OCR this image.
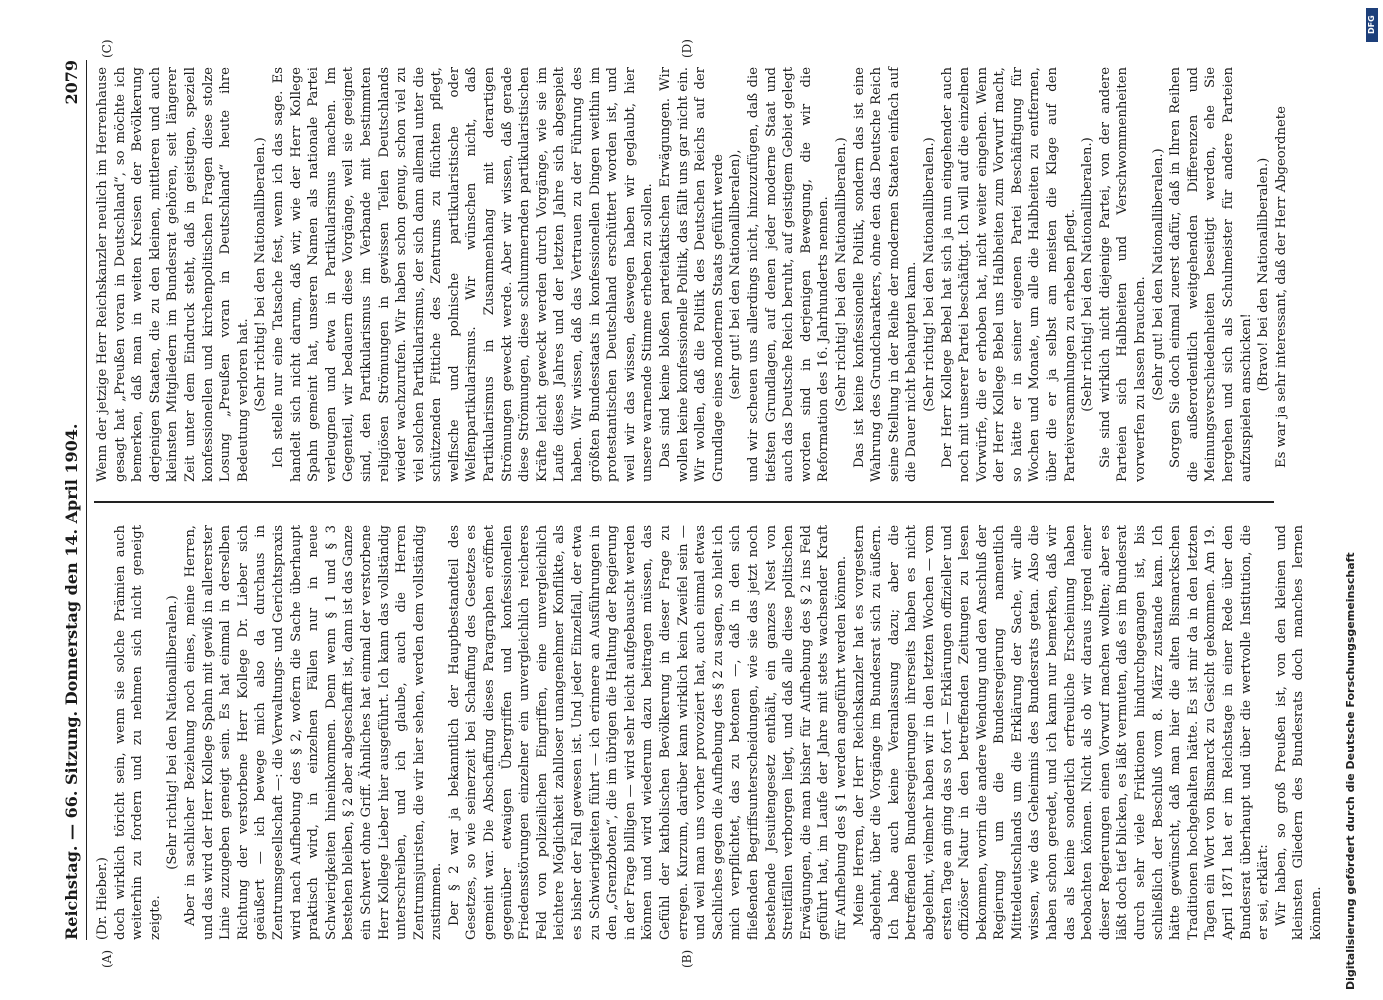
Reichstag. — 66. Sitzung. Donnerstag den 14. April 1904.
2079

(Dr. Hieber.) doch wirklich töricht sein, wenn sie solche Prämien auch weiterhin zu fordern und zu nehmen sich nicht geneigt zeigte.

(Sehr richtig! bei den Nationalliberalen.) Aber in sachlicher Beziehung noch eines, meine Herren, und das wird der Herr Kollege Spahn mit gewiß in allererster Linie zuzugeben geneigt sein. Es hat einmal in derselben Richtung der verstorbene Herr Kollege Dr. Lieber sich geäußert — ich bewege mich also da durchaus in Zentrumsgesellschaft —: die Verwaltungs- und Gerichtspraxis wird nach Aufhebung des § 2, wofern die Sache überhaupt praktisch wird, in einzelnen Fällen nur in neue Schwierigkeiten hineinkommen. Denn wenn § 1 und § 3 bestehen bleiben, § 2 aber abgeschafft ist, dann ist das Ganze ein Schwert ohne Griff. Ähnliches hat einmal der verstorbene Herr Kollege Lieber hier ausgeführt. Ich kann das vollständig unterschreiben, und ich glaube, auch die Herren Zentrumsjuristen, die wir hier sehen, werden dem vollständig zustimmen. Der § 2 war ja bekanntlich der Hauptbestandteil des Gesetzes, so wie seinerzeit bei Schaffung des Gesetzes es gemeint war. Die Abschaffung dieses Paragraphen eröffnet gegenüber etwaigen Übergriffen und konfessionellen Friedensstörungen einzelner ein unvergleichlich reicheres Feld von polizeilichen Eingriffen, eine unvergleichlich leichtere Möglichkeit zahlloser unangenehmer Konflikte, als es bisher der Fall gewesen ist. Und jeder Einzelfall, der etwa zu Schwierigkeiten führt — ich erinnere an Ausführungen in den „Grenzboten“, die im übrigen die Haltung der Regierung in der Frage billigen — wird sehr leicht aufgebauscht werden können und wird wiederum dazu beitragen müssen, das Gefühl der katholischen Bevölkerung in dieser Frage zu erregen. Kurzum, darüber kann wirklich kein Zweifel sein — und weil man uns vorher provoziert hat, auch einmal etwas Sachliches gegen die Aufhebung des § 2 zu sagen, so hielt ich mich verpflichtet, das zu betonen —, daß in den sich fließenden Begriffsunterscheidungen, wie sie das jetzt noch bestehende Jesuitengesetz enthält, ein ganzes Nest von Streitfällen verborgen liegt, und daß alle diese politischen Erwägungen, die man bisher für Aufhebung des § 2 ins Feld geführt hat, im Laufe der Jahre mit stets wachsender Kraft für Aufhebung des § 1 werden angeführt werden können. Meine Herren, der Herr Reichskanzler hat es vorgestern abgelehnt, über die Vorgänge im Bundesrat sich zu äußern. Ich habe auch keine Veranlassung dazu; aber die betreffenden Bundesregierungen ihrerseits haben es nicht abgelehnt, vielmehr haben wir in den letzten Wochen — vom ersten Tage an ging das so fort — Erklärungen offizieller und offiziöser Natur in den betreffenden Zeitungen zu lesen bekommen, worin die andere Wendung und den Anschluß der Regierung um die Bundesregierung namentlich Mitteldeutschlands um die Erklärung der Sache, wir alle wissen, wie das Geheimnis des Bundesrats getan. Also die haben schon geredet, und ich kann nur bemerken, daß wir das als keine sonderlich erfreuliche Erscheinung haben beobachten können. Nicht als ob wir daraus irgend einer dieser Regierungen einen Vorwurf machen wollten; aber es läßt doch tief blicken, es läßt vermuten, daß es im Bundesrat durch sehr viele Friktionen hindurchgegangen ist, bis schließlich der Beschluß vom 8. März zustande kam. Ich hätte gewünscht, daß man hier die alten Bismarckschen Traditionen hochgehalten hätte. Es ist mir da in den letzten Tagen ein Wort von Bismarck zu Gesicht gekommen. Am 19. April 1871 hat er im Reichstage in einer Rede über den Bundesrat überhaupt und über die wertvolle Institution, die er sei, erklärt: Wir haben, so groß Preußen ist, von den kleinen und kleinsten Gliedern des Bundesrats doch manches lernen können.

Wenn der jetzige Herr Reichskanzler neulich im Herrenhause gesagt hat „Preußen voran in Deutschland“, so möchte ich bemerken, daß man in weiten Kreisen der Bevölkerung derjenigen Staaten, die zu den kleinen, mittleren und auch kleinsten Mitgliedern im Bundesrat gehören, seit längerer Zeit unter dem Eindruck steht, daß in geistigen, speziell konfessionellen und kirchenpolitischen Fragen diese stolze Losung „Preußen voran in Deutschland“ heute ihre Bedeutung verloren hat. (Sehr richtig! bei den Nationalliberalen.) Ich stelle nur eine Tatsache fest, wenn ich das sage. Es handelt sich nicht darum, daß wir, wie der Herr Kollege Spahn gemeint hat, unseren Namen als nationale Partei verleugnen und etwa in Partikularismus machen. Im Gegenteil, wir bedauern diese Vorgänge, weil sie geeignet sind, den Partikularismus im Verbande mit bestimmten religiösen Strömungen in gewissen Teilen Deutschlands wieder wachzurufen. Wir haben schon genug, schon viel zu viel solchen Partikularismus, der sich dann allemal unter die schützenden Fittiche des Zentrums zu flüchten pflegt, welfische und polnische partikularistische oder Welfenpartikularismus. Wir wünschen nicht, daß Partikularismus in Zusammenhang mit derartigen Strömungen geweckt werde. Aber wir wissen, daß gerade diese Strömungen, diese schlummernden partikularistischen Kräfte leicht geweckt werden durch Vorgänge, wie sie im Laufe dieses Jahres und der letzten Jahre sich abgespielt haben. Wir wissen, daß das Vertrauen zu der Führung des größten Bundesstaats in konfessionellen Dingen weithin im protestantischen Deutschland erschüttert worden ist, und weil wir das wissen, deswegen haben wir geglaubt, hier unsere warnende Stimme erheben zu sollen. Das sind keine bloßen parteitaktischen Erwägungen. Wir wollen keine konfessionelle Politik, das fällt uns gar nicht ein. Wir wollen, daß die Politik des Deutschen Reichs auf der Grundlage eines modernen Staats geführt werde (sehr gut! bei den Nationalliberalen), und wir scheuen uns allerdings nicht, hinzuzufügen, daß die tiefsten Grundlagen, auf denen jeder moderne Staat und auch das Deutsche Reich beruht, auf geistigem Gebiet gelegt worden sind in derjenigen Bewegung, die wir die Reformation des 16. Jahrhunderts nennen. (Sehr richtig! bei den Nationalliberalen.) Das ist keine konfessionelle Politik, sondern das ist eine Wahrung des Grundcharakters, ohne den das Deutsche Reich seine Stellung in der Reihe der modernen Staaten einfach auf die Dauer nicht behaupten kann. (Sehr richtig! bei den Nationalliberalen.) Der Herr Kollege Bebel hat sich ja nun eingehender auch noch mit unserer Partei beschäftigt. Ich will auf die einzelnen Vorwürfe, die er erhoben hat, nicht weiter eingehen. Wenn der Herr Kollege Bebel uns Halbheiten zum Vorwurf macht, so hätte er in seiner eigenen Partei Beschäftigung für Wochen und Monate, um alle die Halbheiten zu entfernen, über die er ja selbst am meisten die Klage auf den Parteiversammlungen zu erheben pflegt. (Sehr richtig! bei den Nationalliberalen.) Sie sind wirklich nicht diejenige Partei, von der andere Parteien sich Halbheiten und Verschwommenheiten vorwerfen zu lassen brauchen. (Sehr gut! bei den Nationalliberalen.) Sorgen Sie doch einmal zuerst dafür, daß in Ihren Reihen die außerordentlich weitgehenden Differenzen und Meinungsverschiedenheiten beseitigt werden, ehe Sie hergehen und sich als Schulmeister für andere Parteien aufzuspielen anschicken!

(Bravo! bei den Nationalliberalen.) Es war ja sehr interessant, daß der Herr Abgeordnete

(A)	(B)
(C)	(D)
DFG
Digitalisierung gefördert durch die Deutsche Forschungsgemeinschaft
